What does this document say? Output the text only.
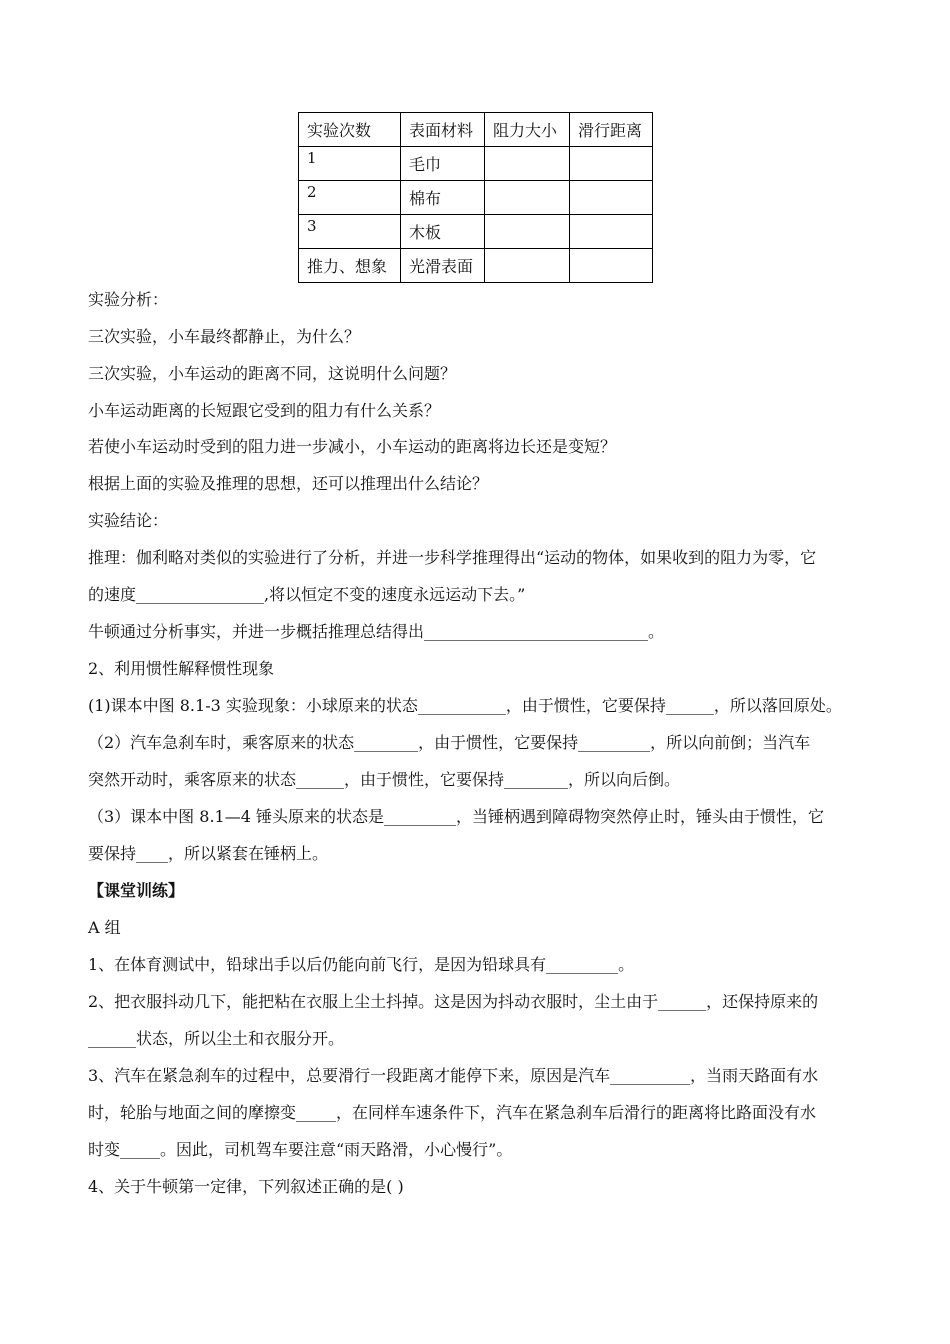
实验次数	表面材料	阻力大小	滑行距离
1	毛巾		
2	棉布		
3	木板		
推力、想象	光滑表面		
实验分析：
三次实验，小车最终都静止，为什么？
三次实验，小车运动的距离不同，这说明什么问题？
小车运动距离的长短跟它受到的阻力有什么关系？
若使小车运动时受到的阻力进一步减小，小车运动的距离将边长还是变短？
根据上面的实验及推理的思想，还可以推理出什么结论？
实验结论：
推理：伽利略对类似的实验进行了分析，并进一步科学推理得出“运动的物体，如果收到的阻力为零，它
的速度________________,将以恒定不变的速度永远运动下去。”
牛顿通过分析事实，并进一步概括推理总结得出____________________________。
2、利用惯性解释惯性现象
(1)课本中图 8.1-3 实验现象：小球原来的状态___________，由于惯性，它要保持______，所以落回原处。
（2）汽车急刹车时，乘客原来的状态________，由于惯性，它要保持_________，所以向前倒；当汽车
突然开动时，乘客原来的状态______，由于惯性，它要保持________，所以向后倒。
（3）课本中图 8.1—4 锤头原来的状态是_________，当锤柄遇到障碍物突然停止时，锤头由于惯性，它
要保持____，所以紧套在锤柄上。
【课堂训练】
A 组
1、在体育测试中，铅球出手以后仍能向前飞行，是因为铅球具有_________。
2、把衣服抖动几下，能把粘在衣服上尘土抖掉。这是因为抖动衣服时，尘土由于______，还保持原来的
______状态，所以尘土和衣服分开。
3、汽车在紧急刹车的过程中，总要滑行一段距离才能停下来，原因是汽车__________，当雨天路面有水
时，轮胎与地面之间的摩擦变_____，在同样车速条件下，汽车在紧急刹车后滑行的距离将比路面没有水
时变_____。因此，司机驾车要注意“雨天路滑，小心慢行”。
4、关于牛顿第一定律，下列叙述正确的是( )
